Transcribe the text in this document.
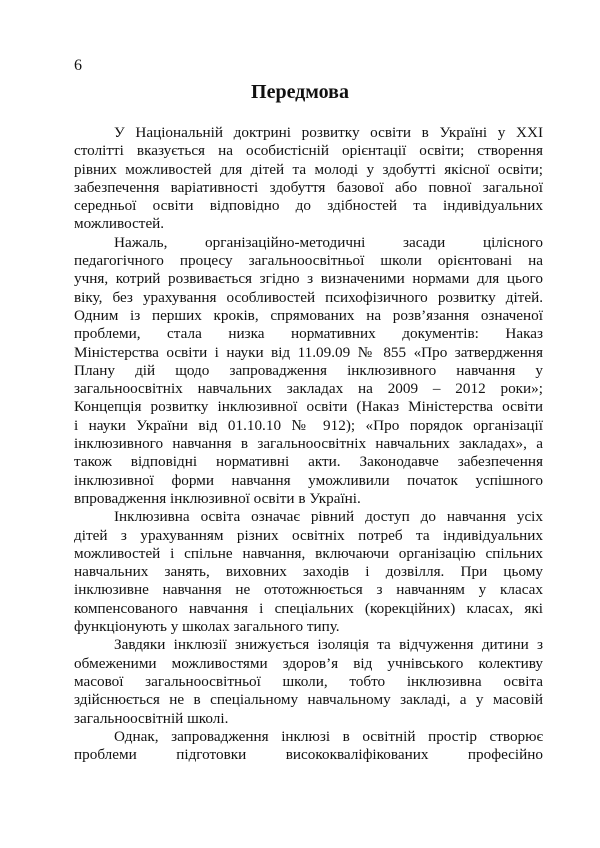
6
Передмова
У Національній доктрині розвитку освіти в Україні у ХХІ
столітті вказується на особистісній орієнтації освіти; створення
рівних можливостей для дітей та молоді у здобутті якісної освіти;
забезпечення варіативності здобуття базової або повної загальної
середньої освіти відповідно до здібностей та індивідуальних
можливостей.
Нажаль, організаційно-методичні засади цілісного
педагогічного процесу загальноосвітньої школи орієнтовані на
учня, котрий розвивається згідно з визначеними нормами для цього
віку, без урахування особливостей психофізичного розвитку дітей.
Одним із перших кроків, спрямованих на розв’язання означеної
проблеми, стала низка нормативних документів: Наказ
Міністерства освіти і науки від 11.09.09 № 855 «Про затвердження
Плану дій щодо запровадження інклюзивного навчання у
загальноосвітніх навчальних закладах на 2009 – 2012 роки»;
Концепція розвитку інклюзивної освіти (Наказ Міністерства освіти
і науки України від 01.10.10 № 912); «Про порядок організації
інклюзивного навчання в загальноосвітніх навчальних закладах», а
також відповідні нормативні акти. Законодавче забезпечення
інклюзивної форми навчання уможливили початок успішного
впровадження інклюзивної освіти в Україні.
Інклюзивна освіта означає рівний доступ до навчання усіх
дітей з урахуванням різних освітніх потреб та індивідуальних
можливостей і спільне навчання, включаючи організацію спільних
навчальних занять, виховних заходів і дозвілля. При цьому
інклюзивне навчання не ототожнюється з навчанням у класах
компенсованого навчання і спеціальних (корекційних) класах, які
функціонують у школах загального типу.
Завдяки інклюзії знижується ізоляція та відчуження дитини з
обмеженими можливостями здоров’я від учнівського колективу
масової загальноосвітньої школи, тобто інклюзивна освіта
здійснюється не в спеціальному навчальному закладі, а у масовій
загальноосвітній школі.
Однак, запровадження інклюзі в освітній простір створює
проблеми підготовки висококваліфікованих професійно
